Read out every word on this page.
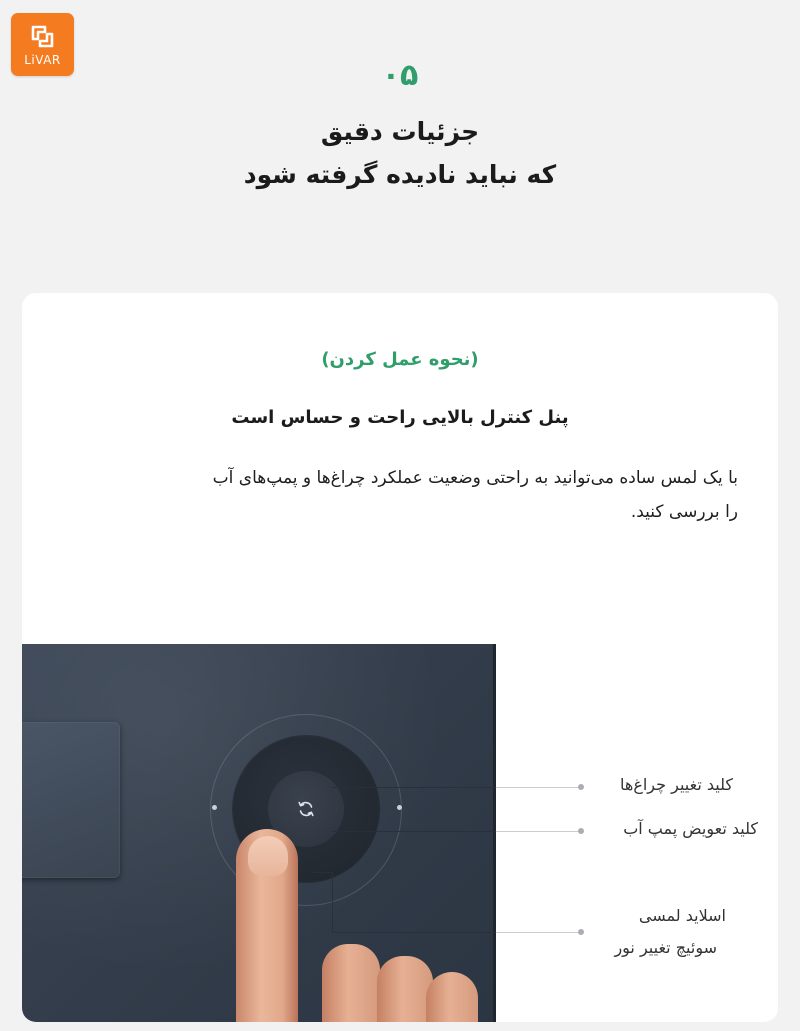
LiVAR	۰۵
جزئیات دقیق
که نباید نادیده گرفته شود
(نحوه عمل کردن)
پنل کنترل بالایی راحت و حساس است
با یک لمس ساده می‌توانید به راحتی وضعیت عملکرد چراغ‌ها و پمپ‌های آب
را بررسی کنید.
کلید تغییر چراغ‌ها
کلید تعویض پمپ آب
اسلاید لمسی
سوئیچ تغییر نور
